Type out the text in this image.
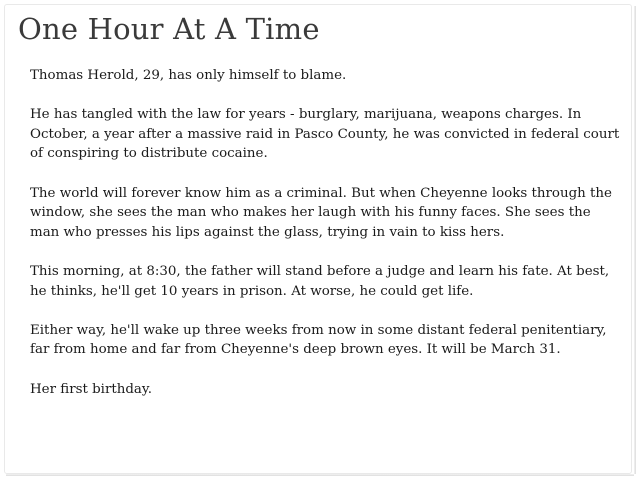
One Hour At A Time

Thomas Herold, 29, has only himself to blame.

He has tangled with the law for years - burglary, marijuana, weapons charges. In October, a year after a massive raid in Pasco County, he was convicted in federal court of conspiring to distribute cocaine.

The world will forever know him as a criminal. But when Cheyenne looks through the window, she sees the man who makes her laugh with his funny faces. She sees the man who presses his lips against the glass, trying in vain to kiss hers.

This morning, at 8:30, the father will stand before a judge and learn his fate. At best, he thinks, he'll get 10 years in prison. At worse, he could get life.

Either way, he'll wake up three weeks from now in some distant federal penitentiary, far from home and far from Cheyenne's deep brown eyes. It will be March 31.

Her first birthday.
